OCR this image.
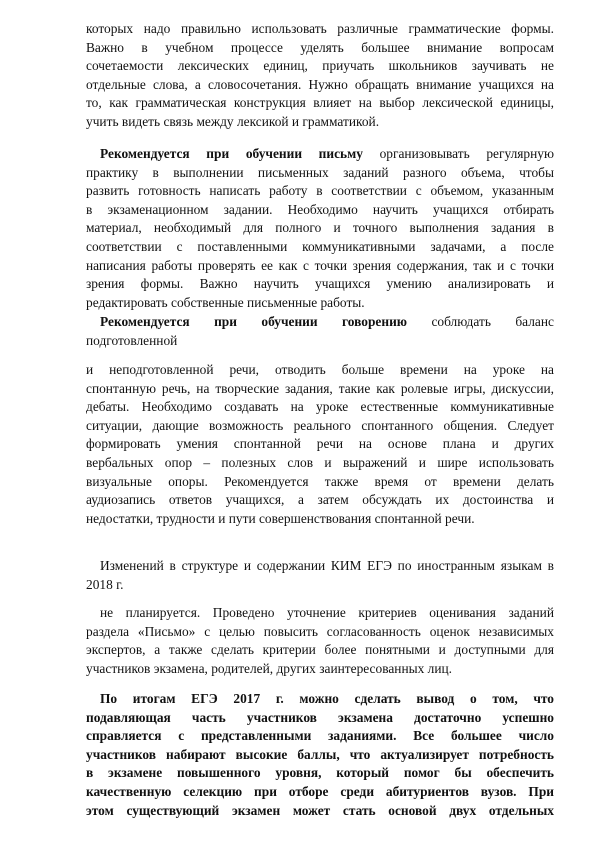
которых надо правильно использовать различные грамматические формы.
Важно в учебном процессе уделять большее внимание вопросам
сочетаемости лексических единиц, приучать школьников заучивать не
отдельные слова, а словосочетания. Нужно обращать внимание учащихся на
то, как грамматическая конструкция влияет на выбор лексической единицы,
учить видеть связь между лексикой и грамматикой.
Рекомендуется при обучении письму организовывать регулярную
практику в выполнении письменных заданий разного объема, чтобы
развить готовность написать работу в соответствии с объемом, указанным
в экзаменационном задании. Необходимо научить учащихся отбирать
материал, необходимый для полного и точного выполнения задания в
соответствии с поставленными коммуникативными задачами, а после
написания работы проверять ее как с точки зрения содержания, так и с точки
зрения формы. Важно научить учащихся умению анализировать и
редактировать собственные письменные работы.
Рекомендуется при обучении говорению соблюдать баланс
подготовленной
и неподготовленной речи, отводить больше времени на уроке на
спонтанную речь, на творческие задания, такие как ролевые игры, дискуссии,
дебаты. Необходимо создавать на уроке естественные коммуникативные
ситуации, дающие возможность реального спонтанного общения. Следует
формировать умения спонтанной речи на основе плана и других
вербальных опор – полезных слов и выражений и шире использовать
визуальные опоры. Рекомендуется также время от времени делать
аудиозапись ответов учащихся, а затем обсуждать их достоинства и
недостатки, трудности и пути совершенствования спонтанной речи.
Изменений в структуре и содержании КИМ ЕГЭ по иностранным языкам в
2018 г.
не планируется. Проведено уточнение критериев оценивания заданий
раздела «Письмо» с целью повысить согласованность оценок независимых
экспертов, а также сделать критерии более понятными и доступными для
участников экзамена, родителей, других заинтересованных лиц.
По итогам ЕГЭ 2017 г. можно сделать вывод о том, что
подавляющая часть участников экзамена достаточно успешно
справляется с представленными заданиями. Все большее число
участников набирают высокие баллы, что актуализирует потребность
в экзамене повышенного уровня, который помог бы обеспечить
качественную селекцию при отборе среди абитуриентов вузов. При
этом существующий экзамен может стать основой двух отдельных
